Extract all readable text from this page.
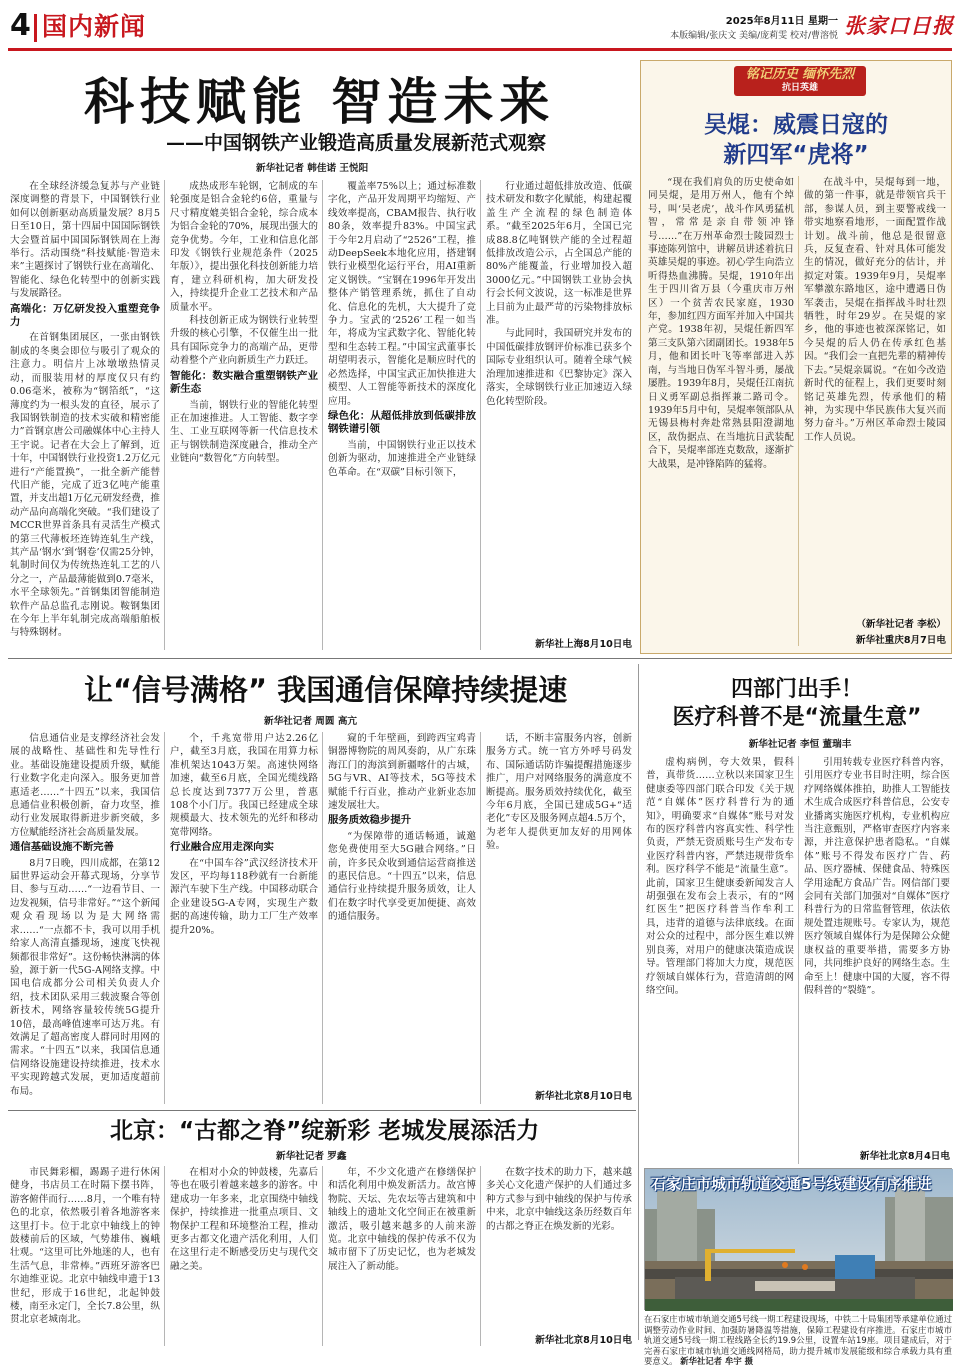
4 国内新闻	2025年8月11日 星期一
本版编辑/张庆文 美编/庞莉雯 校对/曹溶悦 张家口日报
科技赋能 智造未来
——中国钢铁产业锻造高质量发展新范式观察
新华社记者 韩佳诺 王悦阳

在全球经济缓急复苏与产业链深度调整的背景下，中国钢铁行业如何以创新驱动高质量发展？8月5日至10日，第十四届中国国际钢铁大会暨首届中国国际钢铁周在上海举行。活动围绕“科技赋能·智造未来”主题探讨了钢铁行业在高端化、智能化、绿色化转型中的创新实践与发展路径。

高端化：万亿研发投入重塑竞争力

在首钢集团展区，一张由钢铁制成的冬奥会即位与吸引了观众的注意力。明信片上冰墩墩热情灵动，而服装用材的厚度仅只有约0.06毫米，被称为“钢箔纸”，“这薄度约为一根头发的直径，展示了我国钢铁制造的技术实破和精密能力”首钢京唐公司融媒体中心主持人王宇说。记者在大会上了解到，近十年，中国钢铁行业投资1.2万亿元进行“产能置换”，一批全新产能替代旧产能，完成了近3亿吨产能重置，并支出超1万亿元研发经费，推动产品向高端化突破。“我们建设了MCCR世界首条具有灵活生产模式的第三代薄板坯连铸连轧生产线，其产品‘钢水’到‘钢卷’仅需25分钟，轧制时间仅为传统热连轧工艺的八分之一，产品最薄能做到0.7毫米，水平全球领先。”首钢集团智能制造软件产品总监孔志刚说。鞍钢集团在今年上半年轧制完成高端船舶板与特殊钢材。

成热成形车轮钢，它制成的车轮强度是铝合金轮约6倍，重量与尺寸精度媲美铝合金轮，综合成本为铝合金轮的70%，展现出强大的竞争优势。今年，工业和信息化部印发《钢铁行业规范条件（2025年版）》，提出强化科技创新能力培育，建立科研机构，加大研发投入，持续提升企业工艺技术和产品质量水平。

科技创新正成为钢铁行业转型升级的核心引擎，不仅催生出一批具有国际竞争力的高端产品，更带动着整个产业向新质生产力跃迁。

智能化：数实融合重塑钢铁产业新生态

当前，钢铁行业的智能化转型正在加速推进。人工智能、数字孪生、工业互联网等新一代信息技术正与钢铁制造深度融合，推动全产业链向“数智化”方向转型。

覆盖率75%以上；通过标准数字化，产品开发周期平均缩短、产线效率提高，CBAM报告、执行收80条，效率提升83%。中国宝武于今年2月启动了“2526”工程，推动DeepSeek本地化应用，搭建钢铁行业模型化运行平台，用AI重新定义钢铁。“宝钢在1996年开发出整体产销管理系统，抓住了自动化、信息化的先机，大大提升了竞争力。宝武的‘2526’工程一如当年，将成为宝武数字化、智能化转型和生态转工程。”中国宝武董事长胡望明表示，智能化是顺应时代的必然选择，中国宝武正加快推进大模型、人工智能等新技术的深度化应用。

绿色化：从超低排放到低碳排放钢铁谱引领

当前，中国钢铁行业正以技术创新为驱动，加速推进全产业链绿色革命。在“双碳”目标引领下，

行业通过超低排放改造、低碳技术研发和数字化赋能，构建起覆盖生产全流程的绿色制造体系。“截至2025年6月，全国已完成88.8亿吨钢铁产能的全过程超低排放改造公示，占全国总产能的80%产能覆盖，行业增加投入超3000亿元。”中国钢铁工业协会执行会长何文波说，这一标准是世界上目前为止最严苛的污染物排放标准。

与此同时，我国研究并发布的中国低碳排放钢评价标准已获多个国际专业组织认可。随着全球气候治理加速推进和《巴黎协定》深入落实，全球钢铁行业正加速迈入绿色化转型阶段。

新华社上海8月10日电
铭记历史 缅怀先烈
抗日英雄
吴焜：威震日寇的
新四军“虎将”

“现在我们肩负的历史使命如同吴焜，是用万州人，他有个绰号，叫‘吴老虎’，战斗作风勇猛机智，常常是亲自带领冲锋号……”在万州革命烈士陵园烈士事迹陈列馆中，讲解员讲述着抗日英雄吴焜的事迹。初心学生向浩立听得热血沸腾。吴焜，1910年出生于四川省万县（今重庆市万州区）一个贫苦农民家庭，1930年，参加红四方面军并加入中国共产党。1938年初，吴焜任新四军第三支队第六团副团长。1938年5月，他和团长叶飞等率部进入苏南，与当地日伪军斗智斗勇，屡战屡胜。1939年8月，吴焜任江南抗日义勇军副总指挥兼二路司令。1939年5月中旬，吴焜率领部队从无锡县梅村奔赴常熟县阳澄湖地区，敌伪据点、在当地抗日武装配合下，吴焜率部连克数敌，逐渐扩大战果，是冲锋陷阵的猛将。

在战斗中，吴焜每到一地，做的第一件事，就是带领官兵干部，参谋人员，到主要警戒线一带实地察看地形，一面配置作战计划。战斗前，他总是很留意兵，反复查看、针对具体可能发生的情况，做好充分的估计，并拟定对策。1939年9月，吴焜率军攀激东路地区，途中遭遇日伪军袭击，吴焜在指挥战斗时壮烈牺牲，时年29岁。在吴焜的家乡，他的事迹也被深深铭记，如今吴焜的后人仍在传承红色基因。“我们会一直把先辈的精神传下去。”吴焜亲属说。“在如今改造新时代的征程上，我们更要时刻铭记英雄先烈，传承他们的精神，为实现中华民族伟大复兴而努力奋斗。”万州区革命烈士陵园工作人员说。

（新华社记者 李松）
新华社重庆8月7日电
让“信号满格” 我国通信保障持续提速
新华社记者 周圆 高亢

信息通信业是支撑经济社会发展的战略性、基础性和先导性行业。基础设施建设提质升级，赋能行业数字化走向深入。服务更加普惠适老……“十四五”以来，我国信息通信业积极创新，奋力攻坚，推动行业发展取得新进步新突破，多方位赋能经济社会高质量发展。

通信基础设施不断完善

8月7日晚，四川成都，在第12届世界运动会开幕式现场，分享节目、参与互动……“一边看节目、一边发视频，信号非常好。”“这个新闻观众看现场以为是大网络需求……“一点都不卡，我可以用手机给家人高清直播现场，速度飞快视频都很非常好”。这份畅快淋漓的体验，源于新一代5G-A网络支撑。中国电信成都分公司相关负责人介绍，技术团队采用三载波聚合等创新技术，网络容量较传统5G提升10倍，最高峰值速率可达万兆。有效满足了超高密度人群同时用网的需求。“十四五”以来，我国信息通信网络设施建设持续推进，技术水平实现跨越式发展，更加适度超前布局。

个，千兆宽带用户达2.26亿户，截至3月底，我国在用算力标准机架达1043万架。高速快网络加速，截至6月底，全国光缆线路总长度达到7377万公里，普惠108个小门厅。我国已经建成全球规模最大、技术领先的光纤和移动宽带网络。

行业融合应用走深向实

在“中国车谷”武汉经济技术开发区，平均每118秒就有一台新能源汽车驶下生产线。中国移动联合企业建设5G-A专网，实现生产数据的高速传输，助力工厂生产效率提升20%。

窥的千年壁画，到跨西宝鸡青铜器博物院的周风奏韵，从广东珠海江门的海滨到新疆喀什的古城，5G与VR、AI等技术，5G等技术赋能千行百业，推动产业新业态加速发展壮大。

服务质效稳步提升

“为保障带的通话畅通，诚邀您免费使用至大5G融合网络。”日前，许多民众收到通信运营商推送的惠民信息。“十四五”以来，信息通信行业持续提升服务质效，让人们在数字时代享受更加便捷、高效的通信服务。

话，不断丰富服务内容，创新服务方式。统一官方外呼号码发布、国际通话防诈骗提醒措施逐步推广，用户对网络服务的满意度不断提高。服务质效持续优化，截至今年6月底，全国已建成5G+“适老化”专区及服务网点超4.5万个，为老年人提供更加友好的用网体验。

新华社北京8月10日电
四部门出手！
医疗科普不是“流量生意”
新华社记者 李恒 董瑞丰

虚构病例，夸大效果，假科普，真带货……立秋以来国家卫生健康委等四部门联合印发《关于规范“自媒体”医疗科普行为的通知》，明确要求“自媒体”账号对发布的医疗科普内容真实性、科学性负责，严禁无资质账号生产发布专业医疗科普内容，严禁违规带货牟利。医疗科学不能是“流量生意”。此前，国家卫生健康委新闻发言人胡强强在发布会上表示，有的“网红医生”把医疗科普当作牟利工具，违背的道德与法律底线。在面对公众的过程中，部分医生难以辨别良莠，对用户的健康决策造成误导。管理部门将加大力度，规范医疗领域自媒体行为，营造清朗的网络空间。

引用转载专业医疗科普内容，引用医疗专业书目时注明，综合医疗网络媒体推拍，助推人工智能技术生成合成医疗科普信息，公安专业播离实施医疗机构，专业机构应当注意甄别，严格审查医疗内容来源，并注意保护患者隐私。“自媒体”账号不得发布医疗广告、药品、医疗器械、保健食品、特殊医学用途配方食品广告。网信部门要会同有关部门加强对“自媒体”医疗科普行为的日常监督管理，依法依规处置违规账号。专家认为，规范医疗领域自媒体行为是保障公众健康权益的重要举措，需要多方协同，共同维护良好的网络生态。生命至上！健康中国的大厦，容不得假科普的“裂缝”。

新华社北京8月4日电
北京：“古都之脊”绽新彩 老城发展添活力
新华社记者 罗鑫

市民舞彩楣，踢踢子进行休闲健身，书店员工在时隔下摆书阵，游客俯伴而行……8月，一个唯有特色的北京，依然吸引着各地游客来这里打卡。位于北京中轴线上的钟鼓楼前后的区域，气势雄伟、巍峨壮观。“这里可比外地迷的人，也有生活气息，非常棒。”西班牙游客巴尔迪维亚说。北京中轴线申遗于13世纪，形成于16世纪，北起钟鼓楼，南至永定门，全长7.8公里，纵贯北京老城南北。

在相对小众的钟鼓楼，先嘉后等也在吸引着越来越多的游客。中建成功一年多来，北京围绕中轴线保护，持续推进一批重点项目、文物保护工程和环境整治工程，推动更多古都文化遗产活化利用，人们在这里行走不断感受历史与现代交融之美。

年，不少文化遗产在修缮保护和活化利用中焕发新活力。故宫博物院、天坛、先农坛等古建筑和中轴线上的遗址文化空间正在被重新激活，吸引越来越多的人前来游览。北京中轴线的保护传承不仅为城市留下了历史记忆，也为老城发展注入了新动能。

在数字技术的助力下，越来越多关心文化遗产保护的人们通过多种方式参与到中轴线的保护与传承中来，北京中轴线这条历经数百年的古都之脊正在焕发新的光彩。

新华社北京8月10日电
石家庄市城市轨道交通5号线建设有序推进
在石家庄市城市轨道交通5号线一期工程建设现场，中铁二十局集团等承建单位通过调整劳动作业时间、加强防暑降温等措施，保障工程建设有序推进。石家庄市城市轨道交通5号线一期工程线路全长约19.9公里，设置车站19座。项目建成后，对于完善石家庄市城市轨道交通线网格局，助力提升城市发展能级和综合承载力具有重要意义。 新华社记者 牟宇 摄
